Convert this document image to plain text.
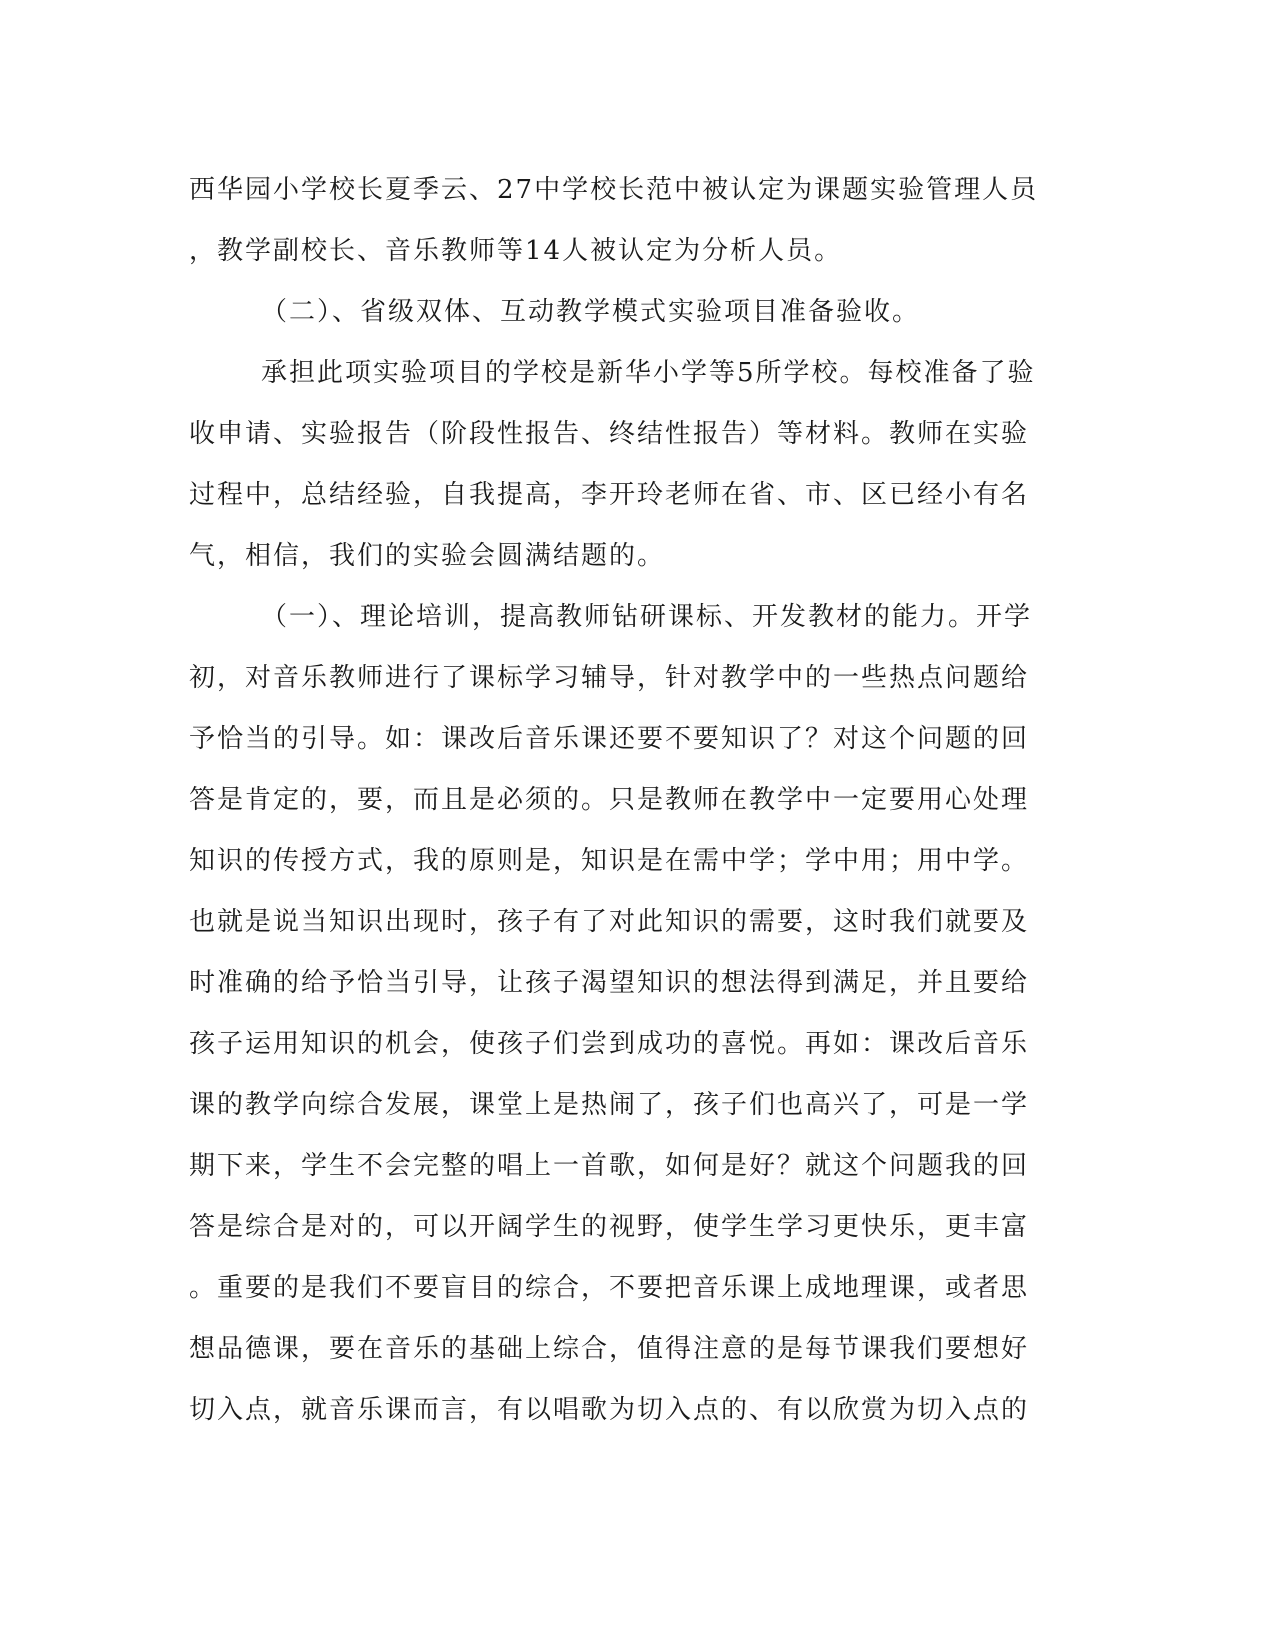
西华园小学校长夏季云、27中学校长范中被认定为课题实验管理人员
，教学副校长、音乐教师等14人被认定为分析人员。
（二）、省级双体、互动教学模式实验项目准备验收。
承担此项实验项目的学校是新华小学等5所学校。每校准备了验
收申请、实验报告（阶段性报告、终结性报告）等材料。教师在实验
过程中，总结经验，自我提高，李开玲老师在省、市、区已经小有名
气，相信，我们的实验会圆满结题的。
（一）、理论培训，提高教师钻研课标、开发教材的能力。开学
初，对音乐教师进行了课标学习辅导，针对教学中的一些热点问题给
予恰当的引导。如：课改后音乐课还要不要知识了？对这个问题的回
答是肯定的，要，而且是必须的。只是教师在教学中一定要用心处理
知识的传授方式，我的原则是，知识是在需中学；学中用；用中学。
也就是说当知识出现时，孩子有了对此知识的需要，这时我们就要及
时准确的给予恰当引导，让孩子渴望知识的想法得到满足，并且要给
孩子运用知识的机会，使孩子们尝到成功的喜悦。再如：课改后音乐
课的教学向综合发展，课堂上是热闹了，孩子们也高兴了，可是一学
期下来，学生不会完整的唱上一首歌，如何是好？就这个问题我的回
答是综合是对的，可以开阔学生的视野，使学生学习更快乐，更丰富
。重要的是我们不要盲目的综合，不要把音乐课上成地理课，或者思
想品德课，要在音乐的基础上综合，值得注意的是每节课我们要想好
切入点，就音乐课而言，有以唱歌为切入点的、有以欣赏为切入点的
